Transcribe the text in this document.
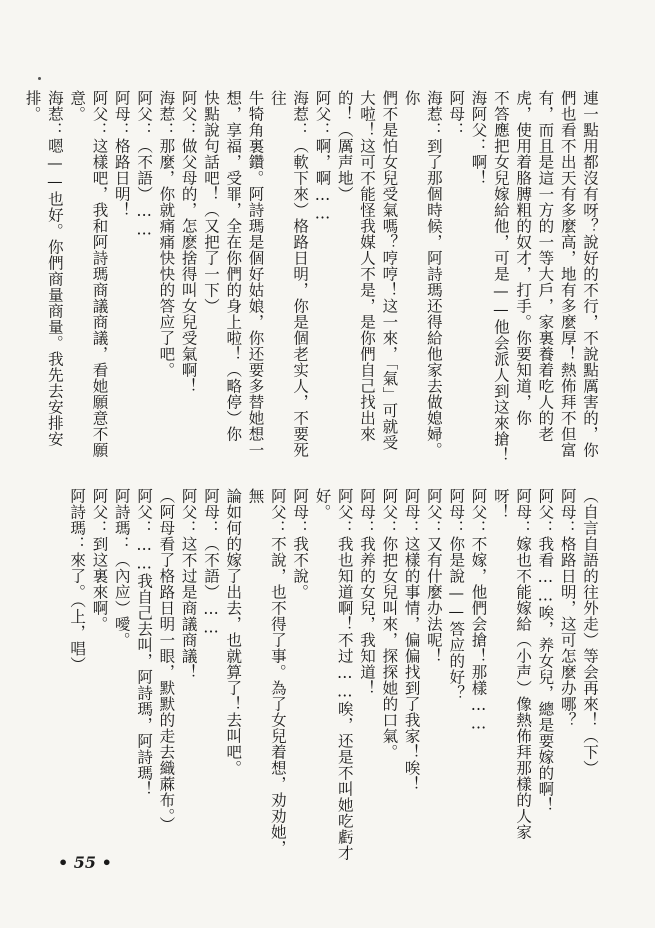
連一點用都沒有呀？說好的不行，不說點厲害的，你
們也看不出天有多麼高，地有多麼厚！熱佈拜不但富
有，而且是這一方的一等大戶，家裏養着吃人的老
虎，使用着胳膊粗的奴才，打手。你要知道，你
不答應把女兒嫁給他，可是——他会派人到这來搶！
海阿父：啊！
阿母：
海惹：到了那個時候，阿詩瑪还得給他家去做媳婦。你
們不是怕女兒受氣嗎？哼哼！这一來，「氣」可就受
大啦！这可不能怪我媒人不是，是你們自己找出來
的！（厲声地）
阿父：啊，啊……
海惹：（軟下來）格路日明，你是個老实人，不要死往
牛犄角裏鑽。阿詩瑪是個好姑娘，你还要多替她想一
想，享福，受罪，全在你們的身上啦！（略停）你
快點說句話吧！（又把了一下）
阿父：做父母的，怎麽捨得叫女兒受氣啊！
海惹：那麼，你就痛痛快快的答应了吧。
阿父：（不語）……
阿母：格路日明！
阿父：这樣吧，我和阿詩瑪商議商議，看她願意不願
意。
海惹：嗯——也好。你們商量商量。我先去安排安排。
（自言自語的往外走）等会再來！（下）
阿母：格路日明，这可怎麼办哪？
阿父：我看……唉，养女兒，總是要嫁的啊！
阿母：嫁也不能嫁給（小声）像熱佈拜那樣的人家呀！
阿父：不嫁，他們会搶！那樣……
阿母：你是說——答应的好？
阿父：又有什麼办法呢！
阿母：这樣的事情，偏偏找到了我家！唉！
阿父：你把女兒叫來，探探她的口氣。
阿母：我养的女兒，我知道！
阿父：我也知道啊！不过……唉，还是不叫她吃虧才
好。
阿母：我不說。
阿父：不說，也不得了事。為了女兒着想，劝劝她，無
論如何的嫁了出去，也就算了！去叫吧。
阿母：（不語）……
阿父：这不过是商議商議！
（阿母看了格路日明一眼，默默的走去織蔴布。）
阿父：……我自己去叫，阿詩瑪，阿詩瑪！
阿詩瑪：（內应）噯。
阿父：到这裏來啊。
阿詩瑪：來了。（上，唱）
• 55 •
